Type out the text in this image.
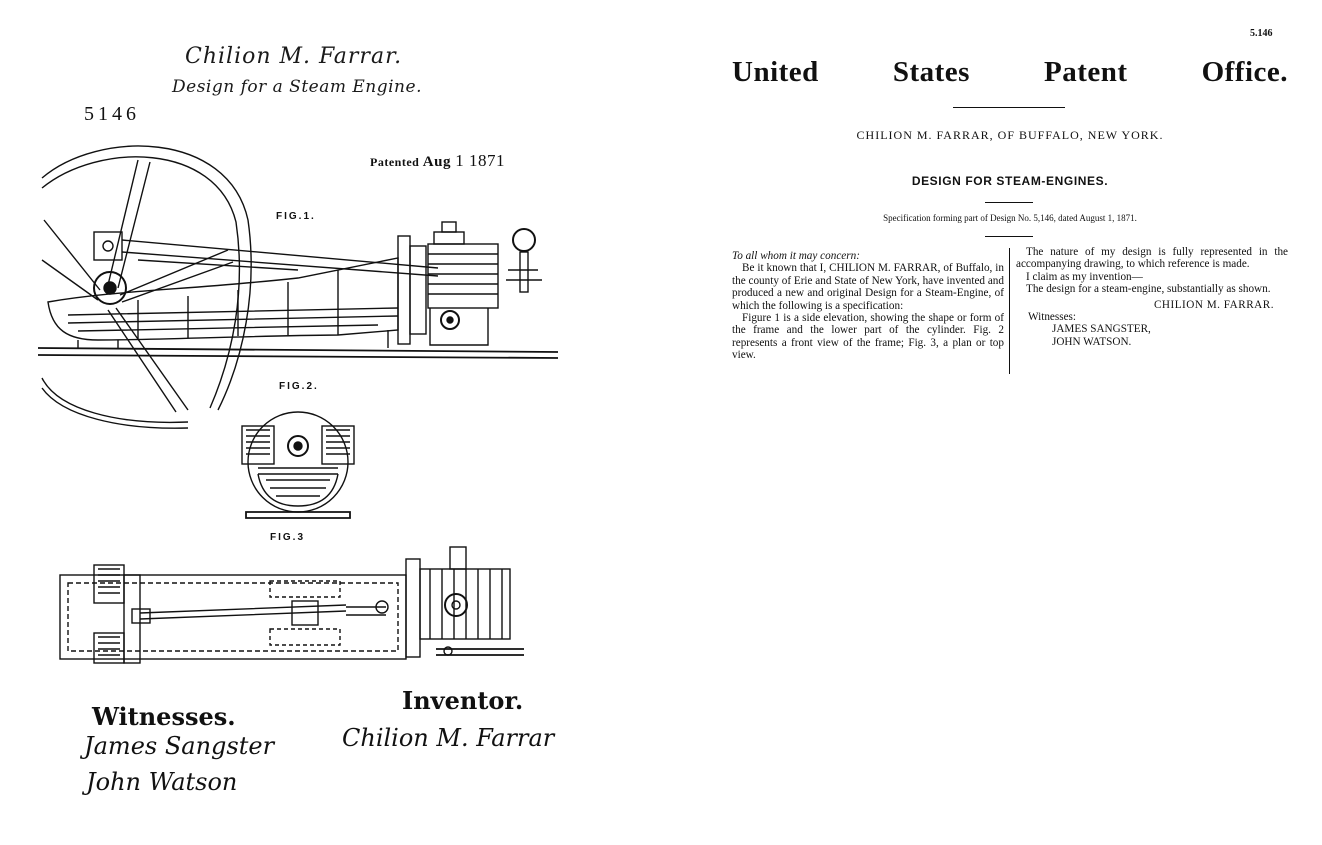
Chilion M. Farrar.
Design for a Steam Engine.
5146
Patented Aug 1 1871
FIG.1.
FIG.2.
FIG.3
Witnesses.
James Sangster
John Watson
Inventor.
Chilion M. Farrar
5.146
United	States	Patent	Office.
CHILION M. FARRAR, OF BUFFALO, NEW YORK.
DESIGN FOR STEAM-ENGINES.
Specification forming part of Design No. 5,146, dated August 1, 1871.

To all whom it may concern:

Be it known that I, CHILION M. FARRAR, of Buffalo, in the county of Erie and State of New York, have invented and produced a new and original Design for a Steam-Engine, of which the following is a specification:

Figure 1 is a side elevation, showing the shape or form of the frame and the lower part of the cylinder. Fig. 2 represents a front view of the frame; Fig. 3, a plan or top view.

The nature of my design is fully represented in the accompanying drawing, to which reference is made.

I claim as my invention—

The design for a steam-engine, substantially as shown.

CHILION M. FARRAR.

Witnesses:

JAMES SANGSTER,

JOHN WATSON.
